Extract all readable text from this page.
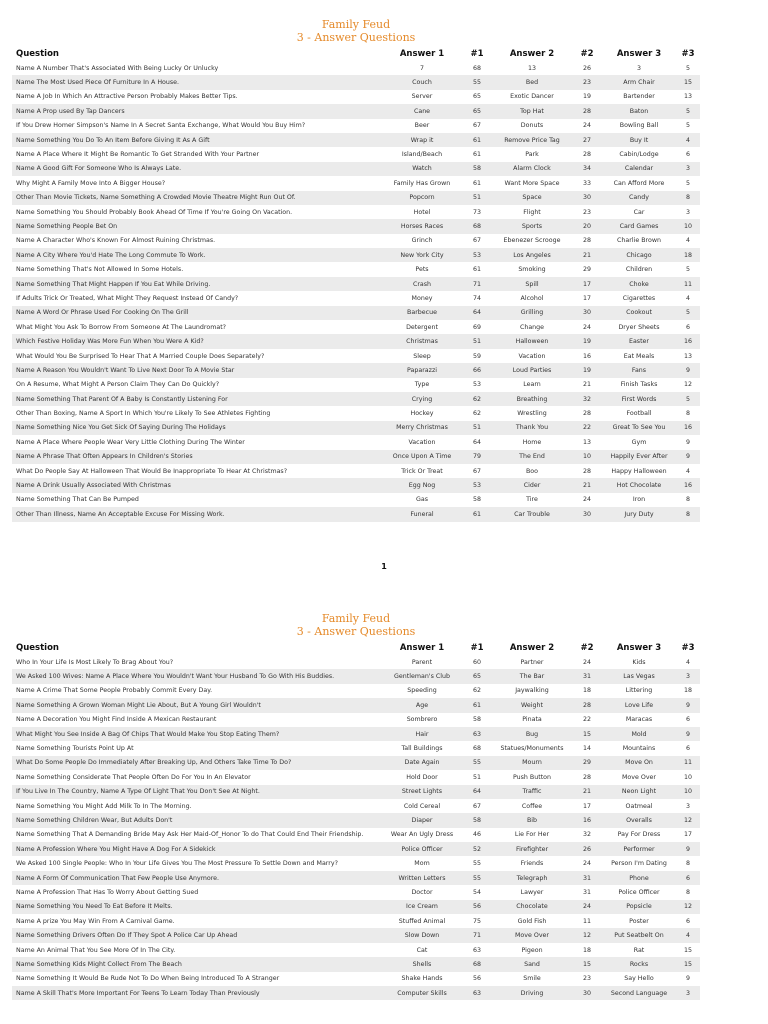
Family Feud
3 - Answer Questions
Question	Answer 1	#1	Answer 2	#2	Answer 3	#3
Name A Number That's Associated With Being Lucky Or Unlucky	7	68	13	26	3	5
Name The Most Used Piece Of Furniture In A House.	Couch	55	Bed	23	Arm Chair	15
Name A Job In Which An Attractive Person Probably Makes Better Tips.	Server	65	Exotic Dancer	19	Bartender	13
Name A Prop used By Tap Dancers	Cane	65	Top Hat	28	Baton	5
If You Drew Homer Simpson's Name In A Secret Santa Exchange, What Would You Buy Him?	Beer	67	Donuts	24	Bowling Ball	5
Name Something You Do To An Item Before Giving It As A Gift	Wrap it	61	Remove Price Tag	27	Buy It	4
Name A Place Where It Might Be Romantic To Get Stranded With Your Partner	Island/Beach	61	Park	28	Cabin/Lodge	6
Name A Good Gift For Someone Who Is Always Late.	Watch	58	Alarm Clock	34	Calendar	3
Why Might A Family Move Into A Bigger House?	Family Has Grown	61	Want More Space	33	Can Afford More	5
Other Than Movie Tickets, Name Something A Crowded Movie Theatre Might Run Out Of.	Popcorn	51	Space	30	Candy	8
Name Something You Should Probably Book Ahead Of Time If You're Going On Vacation.	Hotel	73	Flight	23	Car	3
Name Something People Bet On	Horses Races	68	Sports	20	Card Games	10
Name A Character Who's Known For Almost Ruining Christmas.	Grinch	67	Ebenezer Scrooge	28	Charlie Brown	4
Name A City Where You'd Hate The Long Commute To Work.	New York City	53	Los Angeles	21	Chicago	18
Name Something That's Not Allowed In Some Hotels.	Pets	61	Smoking	29	Children	5
Name Something That Might Happen If You Eat While Driving.	Crash	71	Spill	17	Choke	11
If Adults Trick Or Treated, What Might They Request Instead Of Candy?	Money	74	Alcohol	17	Cigarettes	4
Name A Word Or Phrase Used For Cooking On The Grill	Barbecue	64	Grilling	30	Cookout	5
What Might You Ask To Borrow From Someone At The Laundromat?	Detergent	69	Change	24	Dryer Sheets	6
Which Festive Holiday Was More Fun When You Were A Kid?	Christmas	51	Halloween	19	Easter	16
What Would You Be Surprised To Hear That A Married Couple Does Separately?	Sleep	59	Vacation	16	Eat Meals	13
Name A Reason You Wouldn't Want To Live Next Door To A Movie Star	Paparazzi	66	Loud Parties	19	Fans	9
On A Resume, What Might A Person Claim They Can Do Quickly?	Type	53	Learn	21	Finish Tasks	12
Name Something That Parent Of A Baby Is Constantly Listening For	Crying	62	Breathing	32	First Words	5
Other Than Boxing, Name A Sport In Which You're Likely To See Athletes Fighting	Hockey	62	Wrestling	28	Football	8
Name Something Nice You Get Sick Of Saying During The Holidays	Merry Christmas	51	Thank You	22	Great To See You	16
Name A Place Where People Wear Very Little Clothing During The Winter	Vacation	64	Home	13	Gym	9
Name A Phrase That Often Appears In Children's Stories	Once Upon A Time	79	The End	10	Happily Ever After	9
What Do People Say At Halloween That Would Be Inappropriate To Hear At Christmas?	Trick Or Treat	67	Boo	28	Happy Halloween	4
Name A Drink Usually Associated With Christmas	Egg Nog	53	Cider	21	Hot Chocolate	16
Name Something That Can Be Pumped	Gas	58	Tire	24	Iron	8
Other Than Illness, Name An Acceptable Excuse For Missing Work.	Funeral	61	Car Trouble	30	Jury Duty	8
1
Family Feud
3 - Answer Questions
Question	Answer 1	#1	Answer 2	#2	Answer 3	#3
Who In Your Life Is Most Likely To Brag About You?	Parent	60	Partner	24	Kids	4
We Asked 100 Wives: Name A Place Where You Wouldn't Want Your Husband To Go With His Buddies.	Gentleman's Club	65	The Bar	31	Las Vegas	3
Name A Crime That Some People Probably Commit Every Day.	Speeding	62	Jaywalking	18	Littering	18
Name Something A Grown Woman Might Lie About, But A Young Girl Wouldn't	Age	61	Weight	28	Love Life	9
Name A Decoration You Might Find Inside A Mexican Restaurant	Sombrero	58	Pinata	22	Maracas	6
What Might You See Inside A Bag Of Chips That Would Make You Stop Eating Them?	Hair	63	Bug	15	Mold	9
Name Something Tourists Point Up At	Tall Buildings	68	Statues/Monuments	14	Mountains	6
What Do Some People Do Immediately After Breaking Up, And Others Take Time To Do?	Date Again	55	Mourn	29	Move On	11
Name Something Considerate That People Often Do For You In An Elevator	Hold Door	51	Push Button	28	Move Over	10
If You Live In The Country, Name A Type Of Light That You Don't See At Night.	Street Lights	64	Traffic	21	Neon Light	10
Name Something You Might Add Milk To In The Morning.	Cold Cereal	67	Coffee	17	Oatmeal	3
Name Something Children Wear, But Adults Don't	Diaper	58	Bib	16	Overalls	12
Name Something That A Demanding Bride May Ask Her Maid-Of_Honor To do That Could End Their Friendship.	Wear An Ugly Dress	46	Lie For Her	32	Pay For Dress	17
Name A Profession Where You Might Have A Dog For A Sidekick	Police Officer	52	Firefighter	26	Performer	9
We Asked 100 Single People: Who In Your Life Gives You The Most Pressure To Settle Down and Marry?	Mom	55	Friends	24	Person I'm Dating	8
Name A Form Of Communication That Few People Use Anymore.	Written Letters	55	Telegraph	31	Phone	6
Name A Profession That Has To Worry About Getting Sued	Doctor	54	Lawyer	31	Police Officer	8
Name Something You Need To Eat Before It Melts.	Ice Cream	56	Chocolate	24	Popsicle	12
Name A prize You May Win From A Carnival Game.	Stuffed Animal	75	Gold Fish	11	Poster	6
Name Something Drivers Often Do If They Spot A Police Car Up Ahead	Slow Down	71	Move Over	12	Put Seatbelt On	4
Name An Animal That You See More Of In The City.	Cat	63	Pigeon	18	Rat	15
Name Something Kids Might Collect From The Beach	Shells	68	Sand	15	Rocks	15
Name Something It Would Be Rude Not To Do When Being Introduced To A Stranger	Shake Hands	56	Smile	23	Say Hello	9
Name A Skill That's More Important For Teens To Learn Today Than Previously	Computer Skills	63	Driving	30	Second Language	3
